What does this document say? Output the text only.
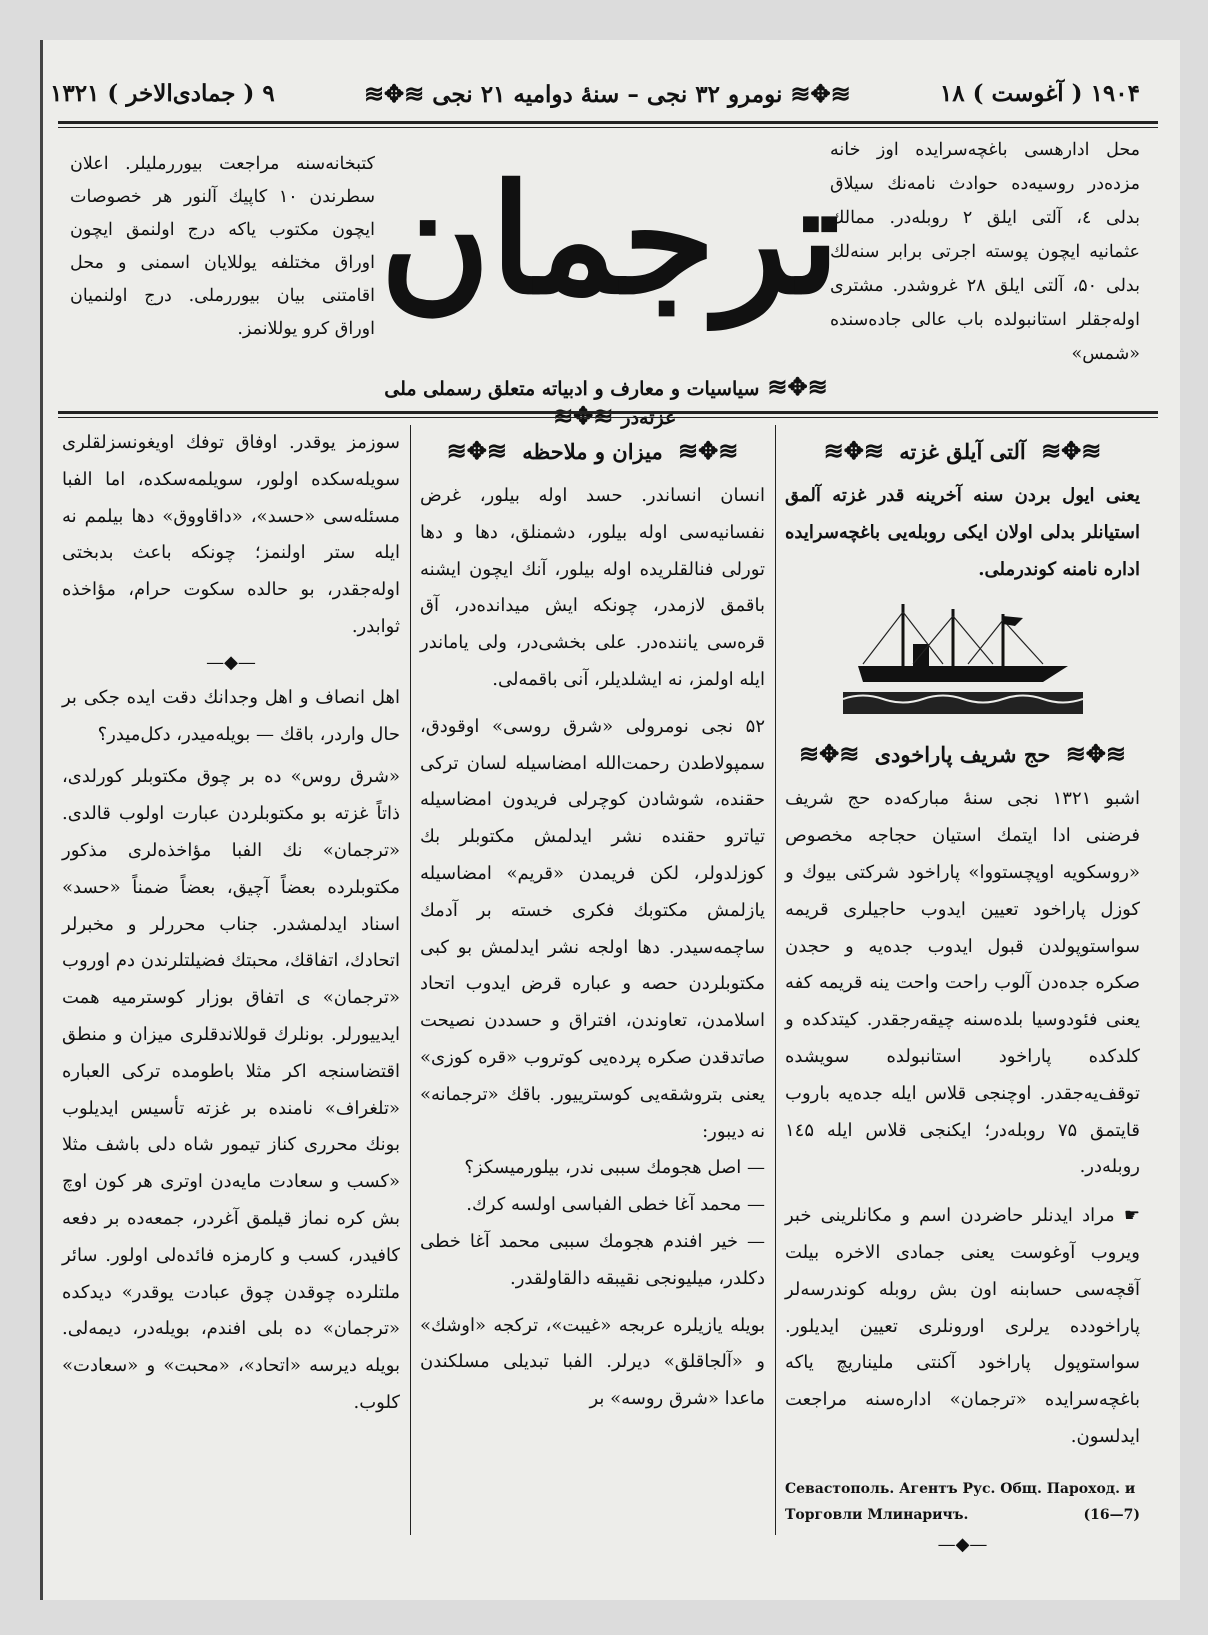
۱۹۰۴ ( آغوست ) ۱۸
≋✥≋نومرو ۳۲ نجی – سنهٔ دوامیه ۲۱ نجی≋✥≋
۹ ( جمادی‌الاخر ) ۱۳۲۱
محل ادارهسی باغچه‌سرایده اوز خانه مزده‌در روسیه‌ده حوادث نامه‌نك سیلاق بدلی ٤، آلتی ایلق ۲ روبله‌در. ممالك عثمانیه ایچون پوسته اجرتی برابر سنه‌لك بدلی ۵۰، آلتی ایلق ۲۸ غروشدر. مشتری اوله‌جقلر استانبولده باب عالی جاده‌سنده «شمس»
ترجمان
کتبخانه‌سنه مراجعت بیوررملیلر. اعلان سطرندن ۱۰ کاپیك آلنور هر خصوصات ایچون مکتوب یاکه درج اولنمق ایچون اوراق مختلفه یوللایان اسمنی و محل اقامتنی بیان بیوررملی. درج اولنمیان اوراق کرو یوللانمز.
≋✥≋سیاسیات و معارف و ادبیاته متعلق رسملی ملی غزته‌در≋✥≋
≋✥≋ آلتی آیلق غزته ≋✥≋

یعنی ایول بردن سنه آخرینه قدر غزته آلمق استیانلر بدلی اولان ایکی روبله‌یی باغچه‌سرایده اداره نامنه کوندرملی.

≋✥≋ حج شریف پاراخودی ≋✥≋

اشبو ۱۳۲۱ نجی سنهٔ مبارکه‌ده حج شریف فرضنی ادا ایتمك استیان حجاجه مخصوص «روسکویه اوپچستووا» پاراخود شرکتی بیوك و کوزل پاراخود تعیین ایدوب حاجیلری قریمه سواستوپولدن قبول ایدوب جده‌یه و حجدن صکره جده‌دن آلوب راحت واحت ینه قریمه کفه یعنی فئودوسیا بلده‌سنه چیقه‌رجقدر. کیتدکده و کلدکده پاراخود استانبولده سویشده توقف‌یه‌جقدر. اوچنجی قلاس ایله جده‌یه باروب قایتمق ۷۵ روبله‌در؛ ایکنجی قلاس ایله ۱٤۵ روبله‌در.

☛ مراد ایدنلر حاضردن اسم و مکانلرینی خبر ویروب آوغوست یعنی جمادی الاخره بیلت آقچه‌سی حسابنه اون بش روبله کوندرسه‌لر پاراخودده یرلری اورونلری تعیین ایدیلور. سواستوپول پاراخود آکنتی ملیناریچ یاکه باغچه‌سرایده «ترجمان» اداره‌سنه مراجعت ایدلسون.

Севастополь. Агентъ Рус. Общ. Пароход. и
Торговли Млинаричъ.	(16—7)
—◆—
≋✥≋ میزان و ملاحظه ≋✥≋

انسان انساندر. حسد اوله بیلور، غرض نفسانیه‌سی اوله بیلور، دشمنلق، دها و دها تورلی فنالقلریده اوله بیلور، آنك ایچون ایشنه باقمق لازمدر، چونکه ایش میدانده‌در، آق قره‌سی یاننده‌در. علی بخشی‌در، ولی یاماندر ایله اولمز، نه ایشلدیلر، آنی باقمه‌لی.

۵۲ نجی نومرولی «شرق روسی» اوقودق، سمپولاطدن رحمت‌الله امضاسیله لسان ترکی حقنده، شوشادن کوچرلی فریدون امضاسیله تیاترو حقنده نشر ایدلمش مکتوبلر بك کوزلدولر، لکن فریمدن «قریم» امضاسیله یازلمش مکتوبك فکری خسته بر آدمك ساچمه‌سیدر. دها اولجه نشر ایدلمش بو کبی مکتوبلردن حصه و عباره قرض ایدوب اتحاد اسلامدن، تعاوندن، افتراق و حسددن نصیحت صاتدقدن صکره پرده‌یی کوتروب «قره کوزی» یعنی بتروشقه‌یی کوسترییور. باقك «ترجمانه» نه دیبور:

— اصل هجومك سببی ندر، بیلورمیسکز؟

— محمد آغا خطی الفباسی اولسه کرك.

— خیر افندم هجومك سببی محمد آغا خطی دکلدر، میلیونجی نقیبقه دالقاولقدر.

بویله یازیلره عربجه «غیبت»، ترکجه «اوشك» و «آلجاقلق» دیرلر. الفبا تبدیلی مسلکندن ماعدا «شرق روسه» بر

سوزمز یوقدر. اوفاق توفك اویغونسزلقلری سویله‌سکده اولور، سویلمه‌سکده، اما الفبا مسئله‌سی «حسد»، «داقاووق» دها بیلمم نه ایله ستر اولنمز؛ چونکه باعث بدبختی اوله‌جقدر، بو حالده سکوت حرام، مؤاخذه ثوابدر.

—◆—

اهل انصاف و اهل وجدانك دقت ایده جکی بر حال واردر، باقك — بویله‌میدر، دکل‌میدر؟

«شرق روس» ده بر چوق مکتوبلر کورلدی، ذاتاً غزته بو مکتوبلردن عبارت اولوب قالدی. «ترجمان» نك الفبا مؤاخذه‌لری مذکور مکتوبلرده بعضاً آچیق، بعضاً ضمناً «حسد» اسناد ایدلمشدر. جناب محررلر و مخبرلر اتحادك، اتفاقك، محبتك فضیلتلرندن دم اوروب «ترجمان» ی اتفاق بوزار کوسترمیه همت ایدییورلر. بونلرك قوللاندقلری میزان و منطق اقتضاسنجه اکر مثلا باطومده ترکی العباره «تلغراف» نامنده بر غزته تأسیس ایدیلوب بونك محرری کناز تیمور شاه دلی باشف مثلا «کسب و سعادت مایه‌دن اوتری هر کون اوچ بش کره نماز قیلمق آغردر، جمعه‌ده بر دفعه کافیدر، کسب و کارمزه فائده‌لی اولور. سائر ملتلرده چوقدن چوق عبادت یوقدر» دیدکده «ترجمان» ده بلی افندم، بویله‌در، دیمه‌لی. بویله دیرسه «اتحاد»، «محبت» و «سعادت» کلوب.
